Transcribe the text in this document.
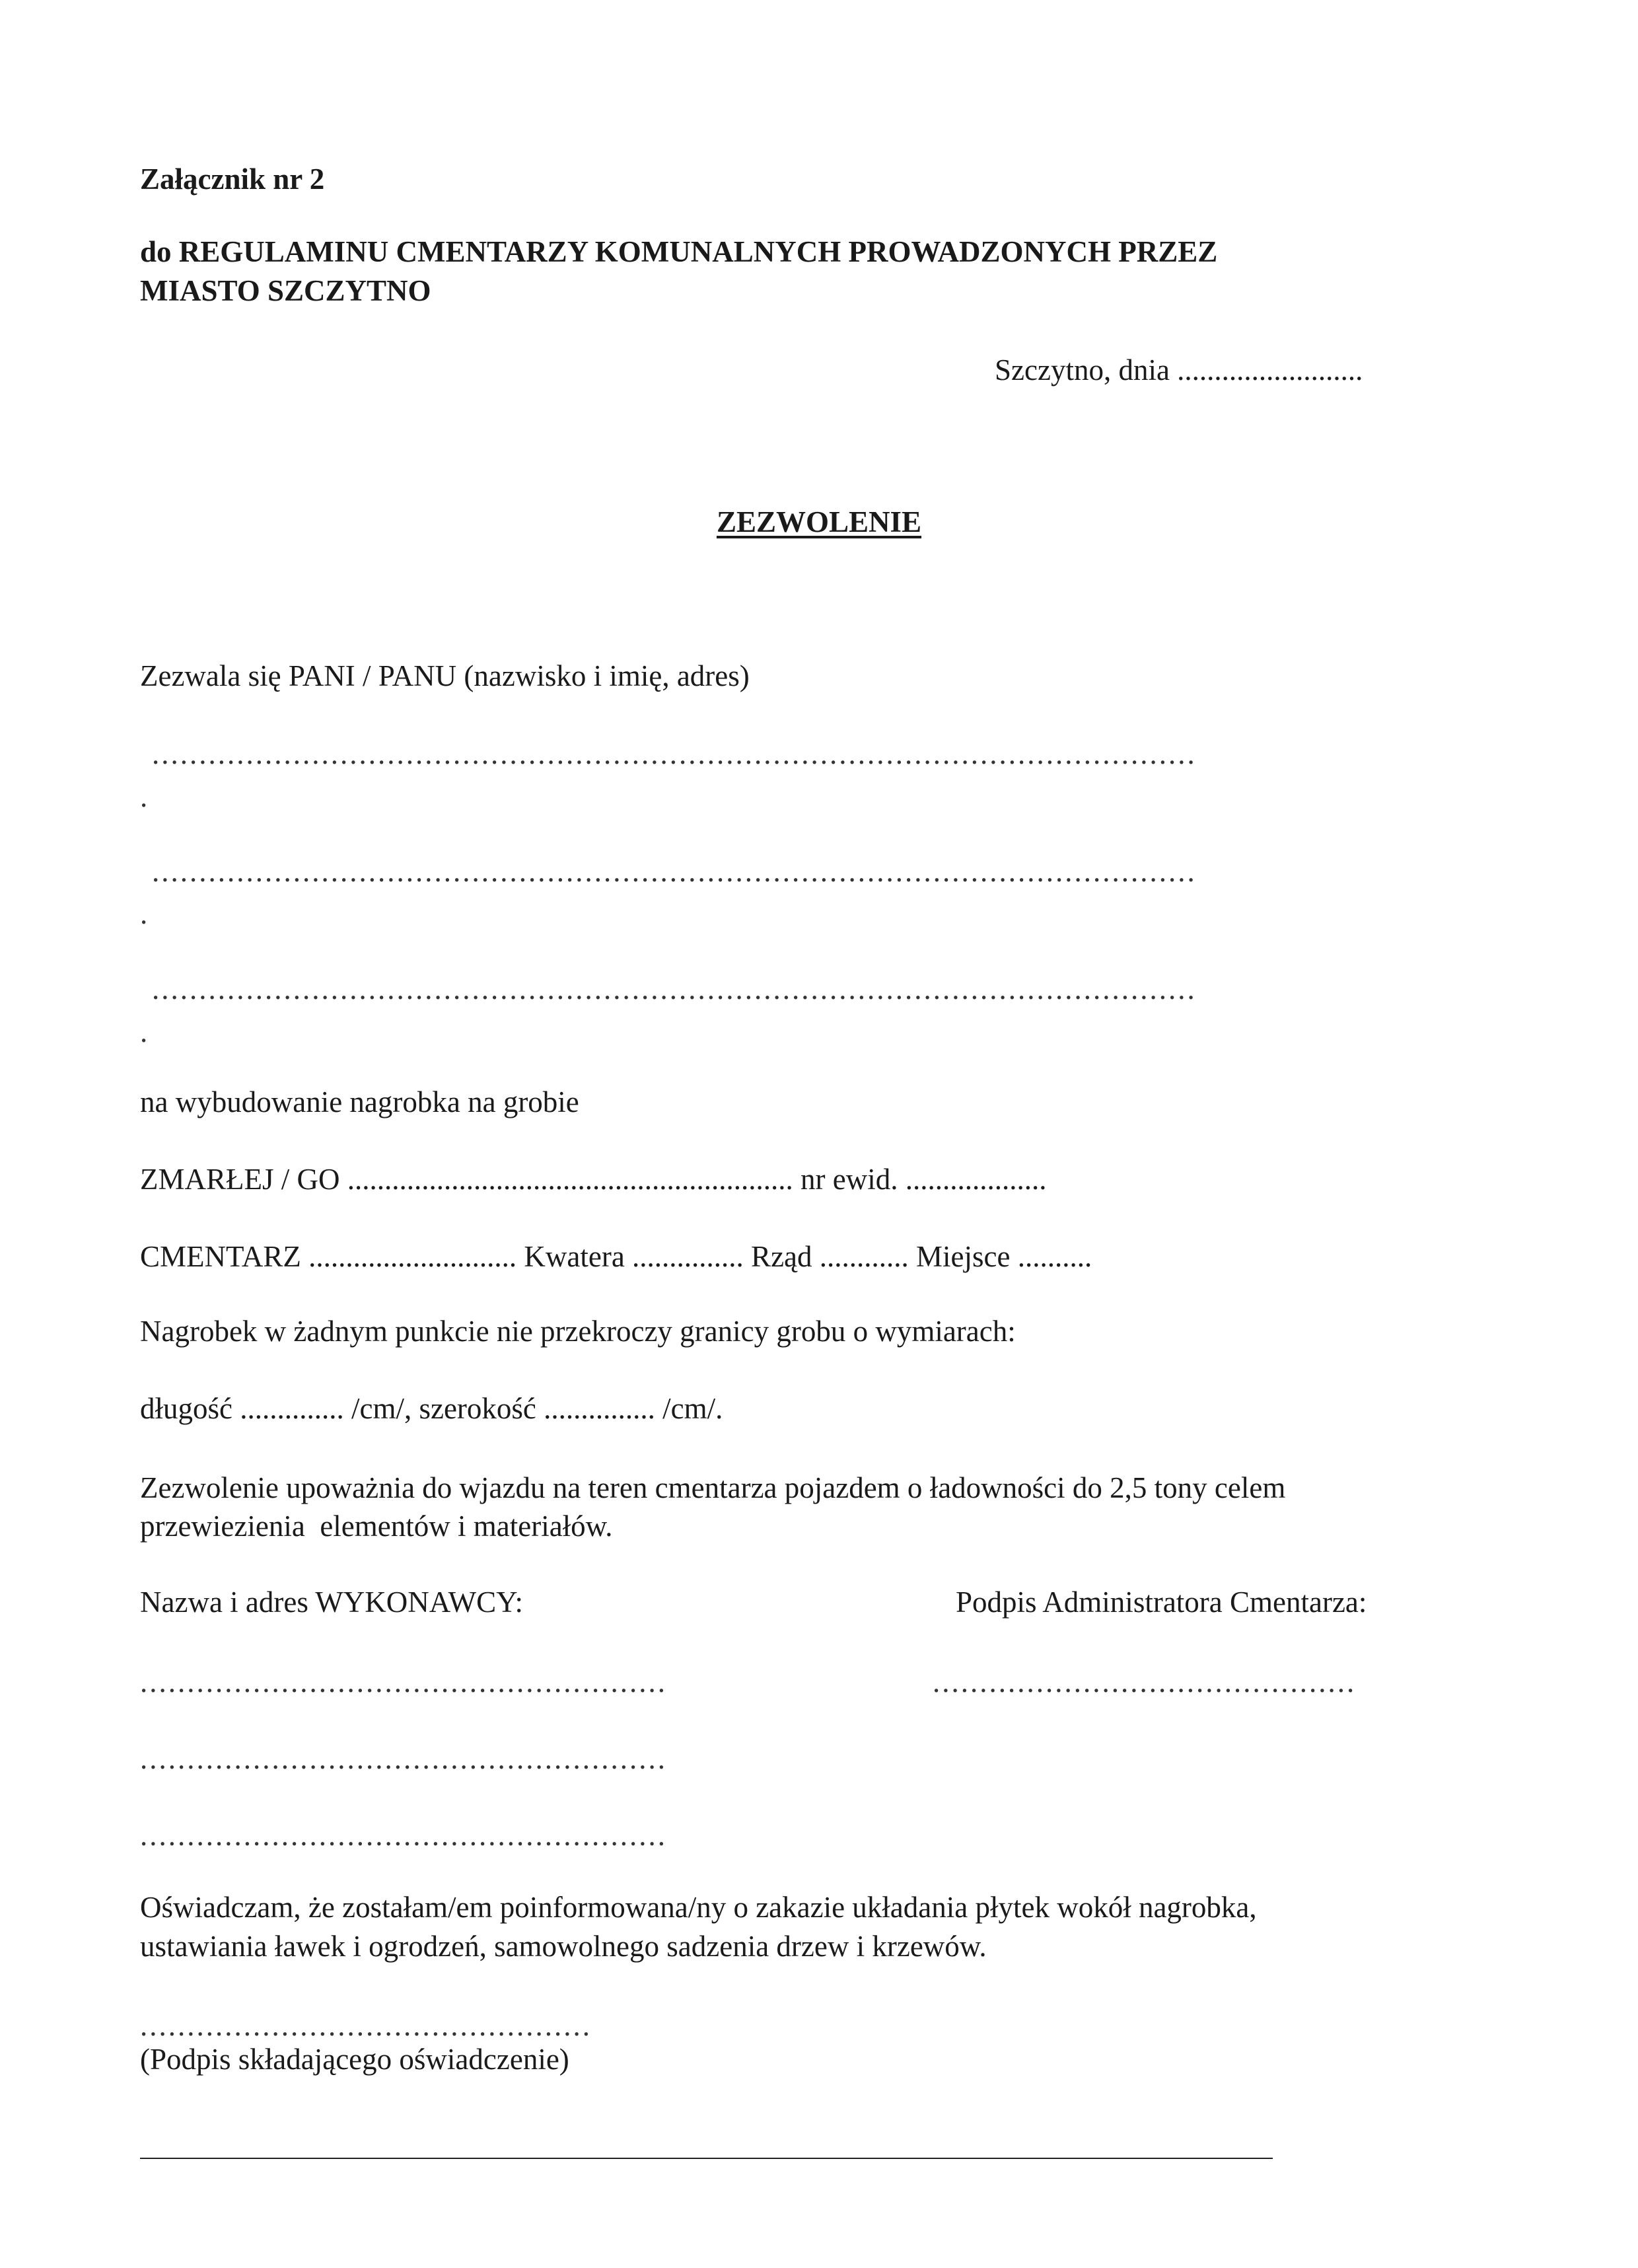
Załącznik nr 2
do REGULAMINU CMENTARZY KOMUNALNYCH PROWADZONYCH PRZEZ
MIASTO SZCZYTNO
Szczytno, dnia .........................
ZEZWOLENIE
Zezwala się PANI / PANU (nazwisko i imię, adres)
...............................................................................................................
.
...............................................................................................................
.
...............................................................................................................
.
na wybudowanie nagrobka na grobie
ZMARŁEJ / GO ............................................................ nr ewid. ...................
CMENTARZ ............................ Kwatera ............... Rząd ............ Miejsce ..........
Nagrobek w żadnym punkcie nie przekroczy granicy grobu o wymiarach:
długość .............. /cm/, szerokość ............... /cm/.
Zezwolenie upoważnia do wjazdu na teren cmentarza pojazdem o ładowności do 2,5 tony celem
przewiezienia  elementów i materiałów.
Nazwa i adres WYKONAWCY:	Podpis Administratora Cmentarza:
........................................................	.............................................
........................................................
........................................................
Oświadczam, że zostałam/em poinformowana/ny o zakazie układania płytek wokół nagrobka,
ustawiania ławek i ogrodzeń, samowolnego sadzenia drzew i krzewów.
................................................
(Podpis składającego oświadczenie)
